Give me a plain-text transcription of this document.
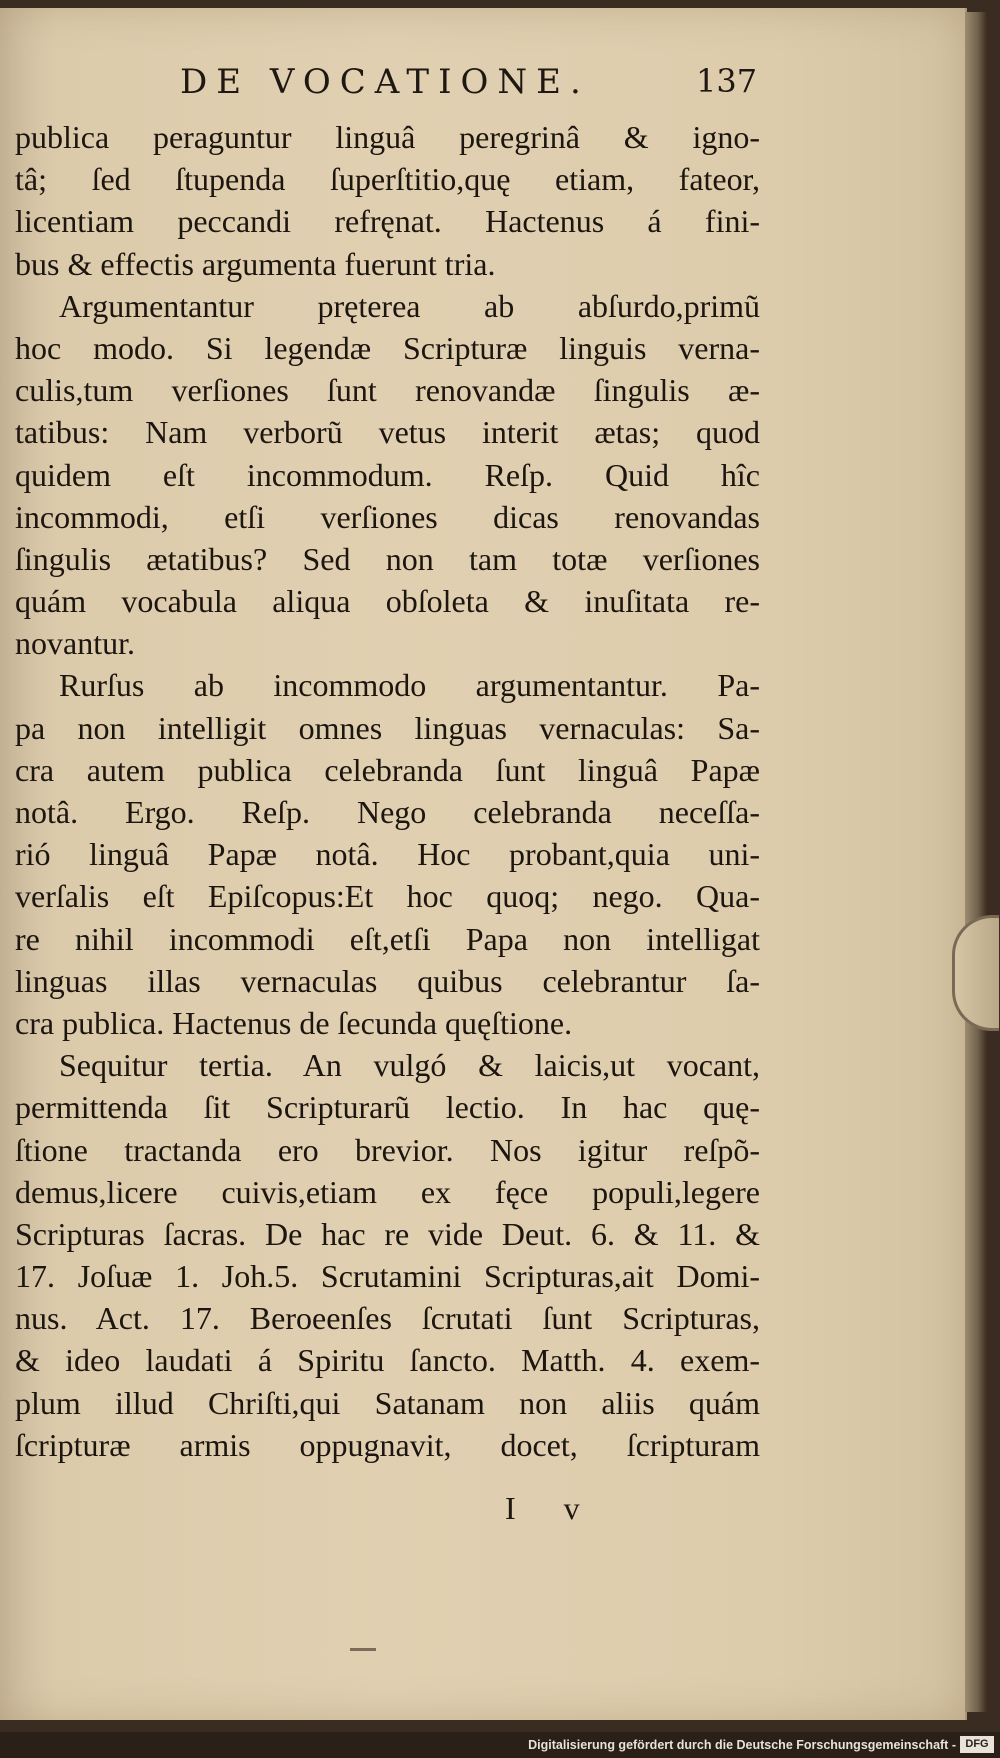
DE VOCATIONE.	137
publica peraguntur linguâ peregrinâ & igno-
tâ; ſed ſtupenda ſuperſtitio,quę etiam, fateor,
licentiam peccandi refręnat. Hactenus á fini-
bus & effectis argumenta fuerunt tria.
Argumentantur pręterea ab abſurdo,primũ
hoc modo. Si legendæ Scripturæ linguis verna-
culis,tum verſiones ſunt renovandæ ſingulis æ-
tatibus: Nam verborũ vetus interit ætas; quod
quidem eſt incommodum. Reſp. Quid hîc
incommodi, etſi verſiones dicas renovandas
ſingulis ætatibus? Sed non tam totæ verſiones
quám vocabula aliqua obſoleta & inuſitata re-
novantur.
Rurſus ab incommodo argumentantur. Pa-
pa non intelligit omnes linguas vernaculas: Sa-
cra autem publica celebranda ſunt linguâ Papæ
notâ. Ergo. Reſp. Nego celebranda neceſſa-
rió linguâ Papæ notâ. Hoc probant,quia uni-
verſalis eſt Epiſcopus:Et hoc quoq; nego. Qua-
re nihil incommodi eſt,etſi Papa non intelligat
linguas illas vernaculas quibus celebrantur ſa-
cra publica. Hactenus de ſecunda quęſtione.
Sequitur tertia. An vulgó & laicis,ut vocant,
permittenda ſit Scripturarũ lectio. In hac quę-
ſtione tractanda ero brevior. Nos igitur reſpõ-
demus,licere cuivis,etiam ex fęce populi,legere
Scripturas ſacras. De hac re vide Deut. 6. & 11. &
17. Joſuæ 1. Joh.5. Scrutamini Scripturas,ait Domi-
nus. Act. 17. Beroeenſes ſcrutati ſunt Scripturas,
& ideo laudati á Spiritu ſancto. Matth. 4. exem-
plum illud Chriſti,qui Satanam non aliis quám
ſcripturæ armis oppugnavit, docet, ſcripturam
I v
Digitalisierung gefördert durch die Deutsche Forschungsgemeinschaft - DFG
